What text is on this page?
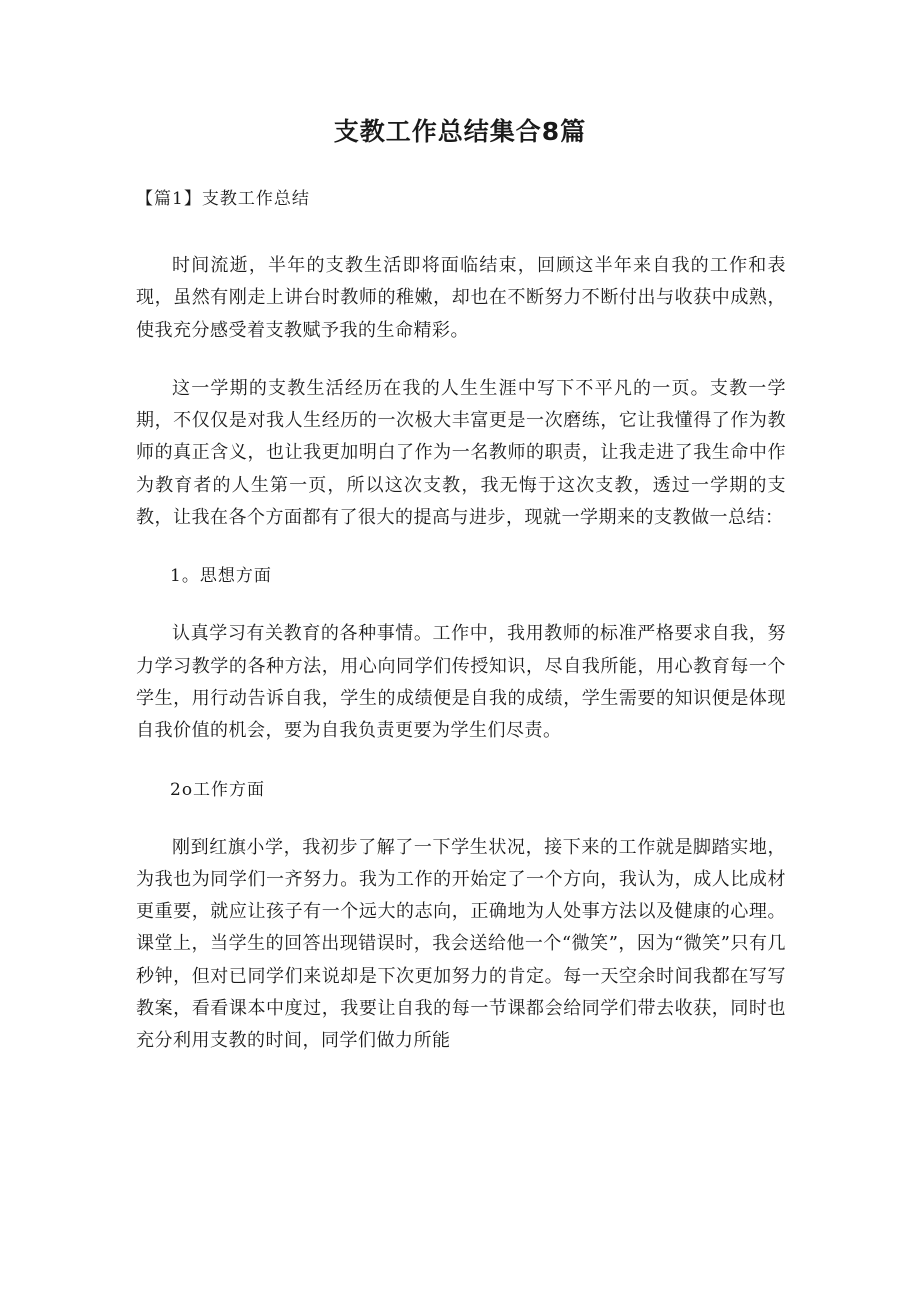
支教工作总结集合8篇

【篇1】支教工作总结

时间流逝，半年的支教生活即将面临结束，回顾这半年来自我的工作和表现，虽然有刚走上讲台时教师的稚嫩，却也在不断努力不断付出与收获中成熟，使我充分感受着支教赋予我的生命精彩。

这一学期的支教生活经历在我的人生生涯中写下不平凡的一页。支教一学期，不仅仅是对我人生经历的一次极大丰富更是一次磨练，它让我懂得了作为教师的真正含义，也让我更加明白了作为一名教师的职责，让我走进了我生命中作为教育者的人生第一页，所以这次支教，我无悔于这次支教，透过一学期的支教，让我在各个方面都有了很大的提高与进步，现就一学期来的支教做一总结：

1。思想方面

认真学习有关教育的各种事情。工作中，我用教师的标准严格要求自我，努力学习教学的各种方法，用心向同学们传授知识，尽自我所能，用心教育每一个学生，用行动告诉自我，学生的成绩便是自我的成绩，学生需要的知识便是体现自我价值的机会，要为自我负责更要为学生们尽责。

2o工作方面

刚到红旗小学，我初步了解了一下学生状况，接下来的工作就是脚踏实地，为我也为同学们一齐努力。我为工作的开始定了一个方向，我认为，成人比成材更重要，就应让孩子有一个远大的志向，正确地为人处事方法以及健康的心理。课堂上，当学生的回答出现错误时，我会送给他一个“微笑”，因为“微笑”只有几秒钟，但对已同学们来说却是下次更加努力的肯定。每一天空余时间我都在写写教案，看看课本中度过，我要让自我的每一节课都会给同学们带去收获，同时也充分利用支教的时间，同学们做力所能
